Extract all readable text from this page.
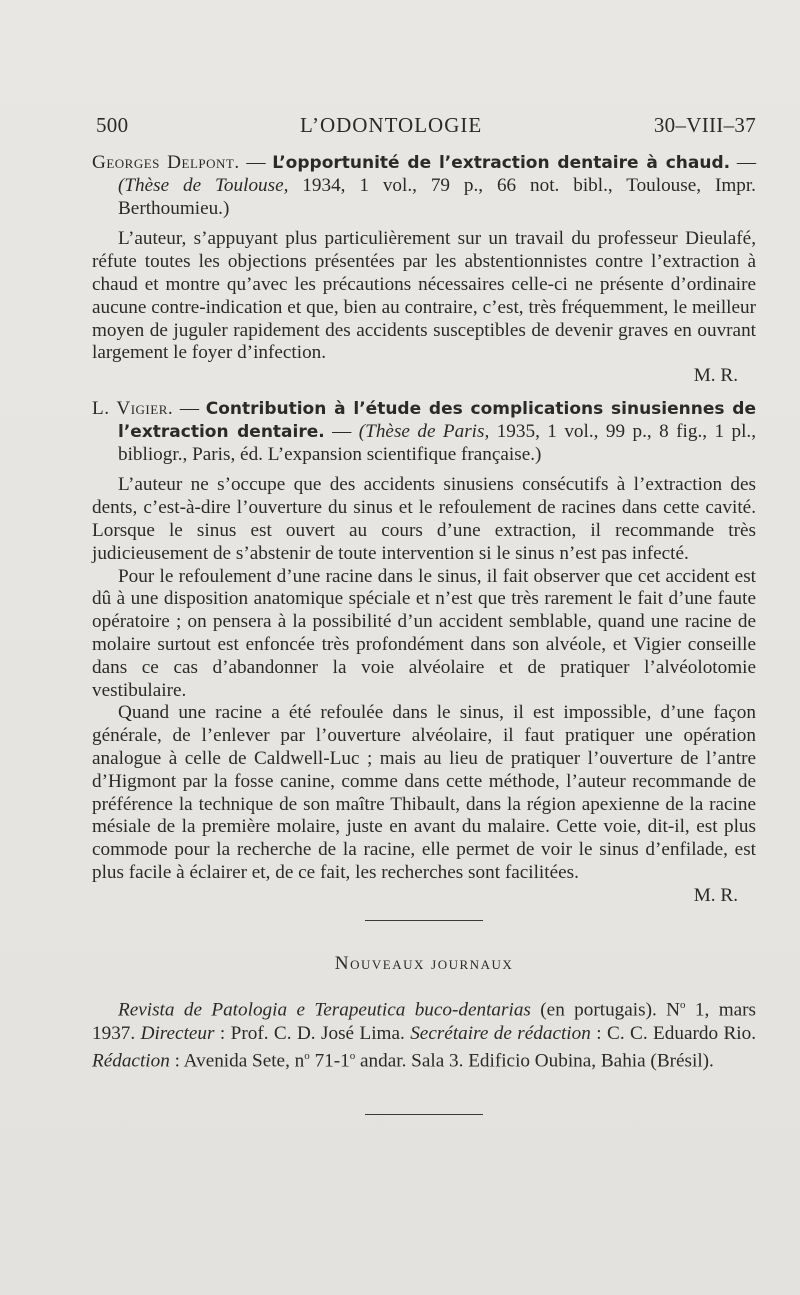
500	L’ODONTOLOGIE	30–VIII–37

Georges Delpont. — L’opportunité de l’extraction dentaire à chaud. — (Thèse de Toulouse, 1934, 1 vol., 79 p., 66 not. bibl., Toulouse, Impr. Berthoumieu.)

L’auteur, s’appuyant plus particulièrement sur un travail du professeur Dieulafé, réfute toutes les objections présentées par les abstentionnistes contre l’extraction à chaud et montre qu’avec les précautions nécessaires celle-ci ne présente d’ordinaire aucune contre-indication et que, bien au contraire, c’est, très fréquemment, le meilleur moyen de juguler rapidement des accidents susceptibles de devenir graves en ouvrant largement le foyer d’infection.

M. R.

L. Vigier. — Contribution à l’étude des complications sinusiennes de l’extraction dentaire. — (Thèse de Paris, 1935, 1 vol., 99 p., 8 fig., 1 pl., bibliogr., Paris, éd. L’expansion scientifique française.)

L’auteur ne s’occupe que des accidents sinusiens consécutifs à l’extraction des dents, c’est-à-dire l’ouverture du sinus et le refoulement de racines dans cette cavité. Lorsque le sinus est ouvert au cours d’une extraction, il recommande très judicieusement de s’abstenir de toute intervention si le sinus n’est pas infecté.

Pour le refoulement d’une racine dans le sinus, il fait observer que cet accident est dû à une disposition anatomique spéciale et n’est que très rarement le fait d’une faute opératoire ; on pensera à la possibilité d’un accident semblable, quand une racine de molaire surtout est enfoncée très profondément dans son alvéole, et Vigier conseille dans ce cas d’abandonner la voie alvéolaire et de pratiquer l’alvéolotomie vestibulaire.

Quand une racine a été refoulée dans le sinus, il est impossible, d’une façon générale, de l’enlever par l’ouverture alvéolaire, il faut pratiquer une opération analogue à celle de Caldwell-Luc ; mais au lieu de pratiquer l’ouverture de l’antre d’Higmont par la fosse canine, comme dans cette méthode, l’auteur recommande de préférence la technique de son maître Thibault, dans la région apexienne de la racine mésiale de la première molaire, juste en avant du malaire. Cette voie, dit-il, est plus commode pour la recherche de la racine, elle permet de voir le sinus d’enfilade, est plus facile à éclairer et, de ce fait, les recherches sont facilitées.

M. R.

Nouveaux journaux

Revista de Patologia e Terapeutica buco-dentarias (en portugais). $N^o$ 1, mars 1937. Directeur : Prof. C. D. José Lima. Secrétaire de rédaction : C. C. Eduardo Rio. Rédaction : Avenida Sete, $n^o$ 71-1$^o$ andar. Sala 3. Edificio Oubina, Bahia (Brésil).
